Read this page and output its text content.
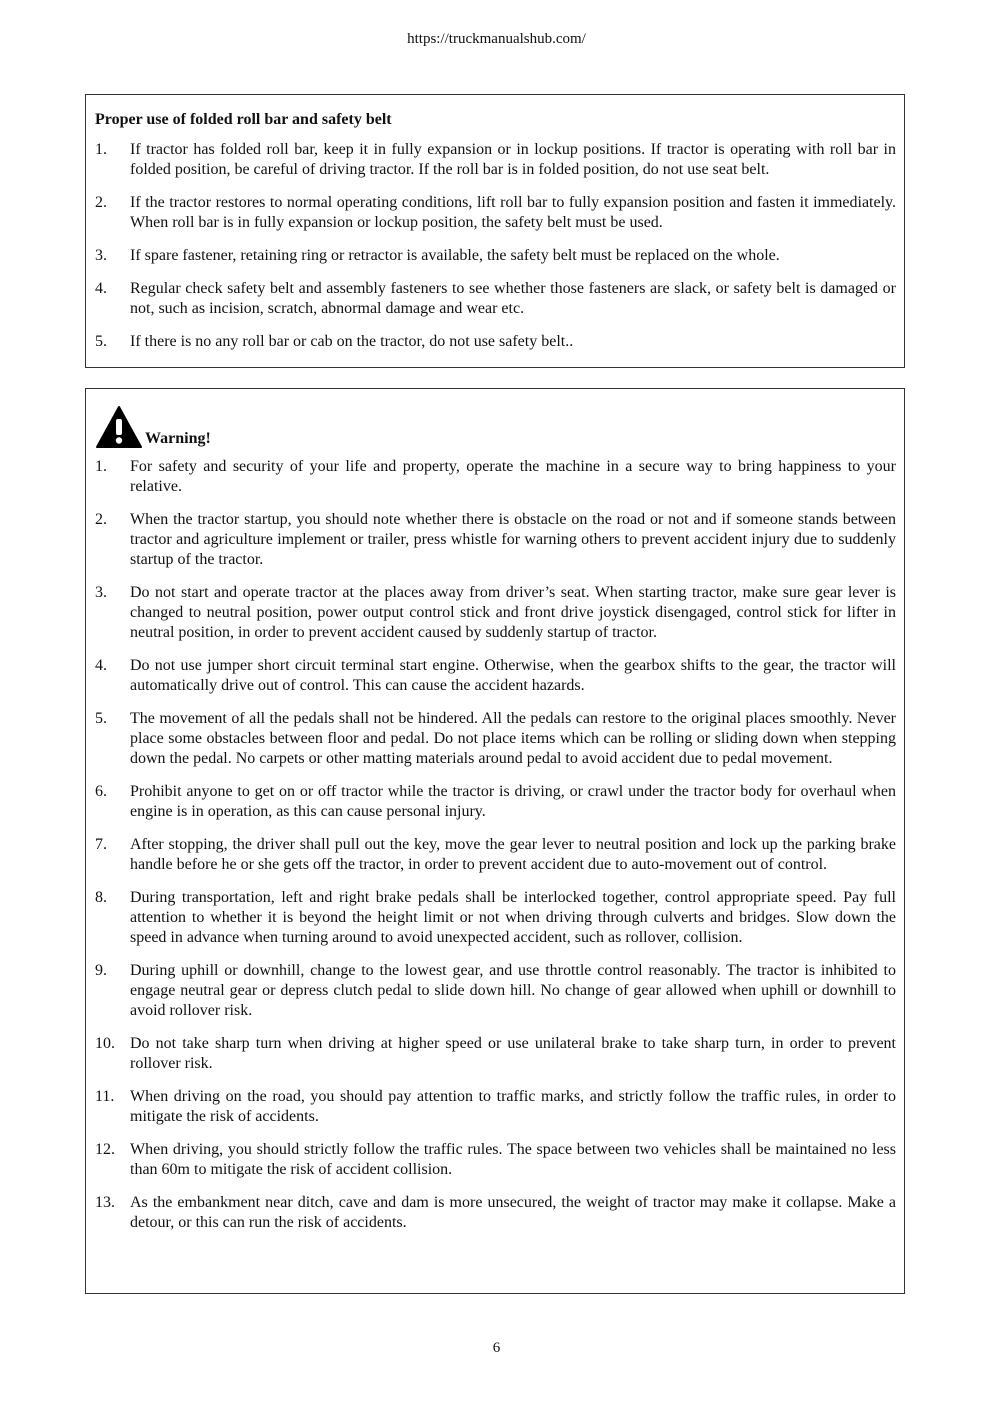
https://truckmanualshub.com/
Proper use of folded roll bar and safety belt
1.	If tractor has folded roll bar, keep it in fully expansion or in lockup positions. If tractor is operating with roll bar in folded position, be careful of driving tractor. If the roll bar is in folded position, do not use seat belt.
2.	If the tractor restores to normal operating conditions, lift roll bar to fully expansion position and fasten it immediately. When roll bar is in fully expansion or lockup position, the safety belt must be used.
3.	If spare fastener, retaining ring or retractor is available, the safety belt must be replaced on the whole.
4.	Regular check safety belt and assembly fasteners to see whether those fasteners are slack, or safety belt is damaged or not, such as incision, scratch, abnormal damage and wear etc.
5.	If there is no any roll bar or cab on the tractor, do not use safety belt..
Warning!
1.	For safety and security of your life and property, operate the machine in a secure way to bring happiness to your relative.
2.	When the tractor startup, you should note whether there is obstacle on the road or not and if someone stands between tractor and agriculture implement or trailer, press whistle for warning others to prevent accident injury due to suddenly startup of the tractor.
3.	Do not start and operate tractor at the places away from driver’s seat. When starting tractor, make sure gear lever is changed to neutral position, power output control stick and front drive joystick disengaged, control stick for lifter in neutral position, in order to prevent accident caused by suddenly startup of tractor.
4.	Do not use jumper short circuit terminal start engine. Otherwise, when the gearbox shifts to the gear, the tractor will automatically drive out of control. This can cause the accident hazards.
5.	The movement of all the pedals shall not be hindered. All the pedals can restore to the original places smoothly. Never place some obstacles between floor and pedal. Do not place items which can be rolling or sliding down when stepping down the pedal. No carpets or other matting materials around pedal to avoid accident due to pedal movement.
6.	Prohibit anyone to get on or off tractor while the tractor is driving, or crawl under the tractor body for overhaul when engine is in operation, as this can cause personal injury.
7.	After stopping, the driver shall pull out the key, move the gear lever to neutral position and lock up the parking brake handle before he or she gets off the tractor, in order to prevent accident due to auto-movement out of control.
8.	During transportation, left and right brake pedals shall be interlocked together, control appropriate speed. Pay full attention to whether it is beyond the height limit or not when driving through culverts and bridges. Slow down the speed in advance when turning around to avoid unexpected accident, such as rollover, collision.
9.	During uphill or downhill, change to the lowest gear, and use throttle control reasonably. The tractor is inhibited to engage neutral gear or depress clutch pedal to slide down hill. No change of gear allowed when uphill or downhill to avoid rollover risk.
10. Do not take sharp turn when driving at higher speed or use unilateral brake to take sharp turn, in order to prevent rollover risk.
11. When driving on the road, you should pay attention to traffic marks, and strictly follow the traffic rules, in order to mitigate the risk of accidents.
12. When driving, you should strictly follow the traffic rules. The space between two vehicles shall be maintained no less than 60m to mitigate the risk of accident collision.
13. As the embankment near ditch, cave and dam is more unsecured, the weight of tractor may make it collapse. Make a detour, or this can run the risk of accidents.
6
